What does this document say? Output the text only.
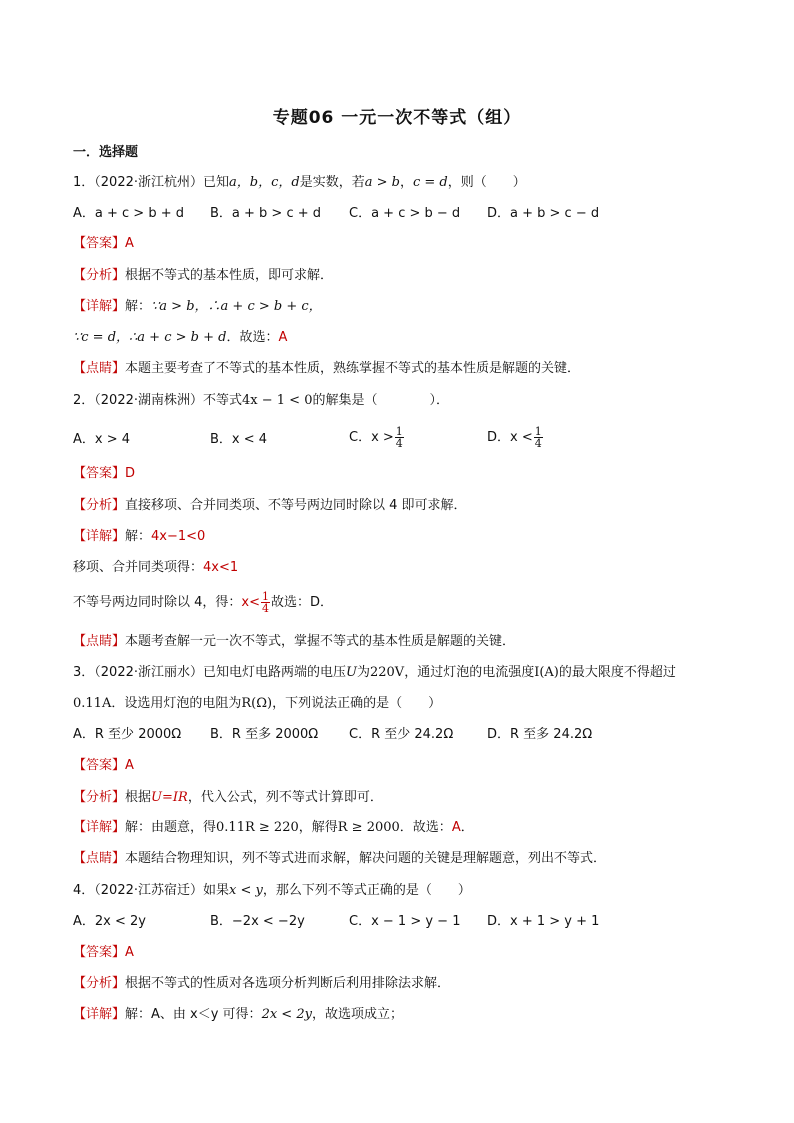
专题06 一元一次不等式（组）
一．选择题
1．（2022·浙江杭州）已知a，b，c，d是实数，若a > b，c = d，则（　　）
A．a + c > b + d B．a + b > c + d C．a + c > b − d D．a + b > c − d
【答案】A
【分析】根据不等式的基本性质，即可求解．
【详解】解：∵a > b，∴a + c > b + c，
∵c = d，∴a + c > b + d．故选：A
【点睛】本题主要考查了不等式的基本性质，熟练掌握不等式的基本性质是解题的关键．
2．（2022·湖南株洲）不等式4x − 1 < 0的解集是（　　　　）．
A．x > 4	B．x < 4	C．$x > \frac{1}{4}$	D．$x < \frac{1}{4}$
【答案】D
【分析】直接移项、合并同类项、不等号两边同时除以 4 即可求解．
【详解】解：4x−1<0
移项、合并同类项得：4x<1
不等号两边同时除以 4，得：$x< \frac{1}{4}$ 故选：D．
【点睛】本题考查解一元一次不等式，掌握不等式的基本性质是解题的关键．
3．（2022·浙江丽水）已知电灯电路两端的电压U为220V，通过灯泡的电流强度I(A)的最大限度不得超过
0.11A．设选用灯泡的电阻为R(Ω)，下列说法正确的是（　　）
A．R 至少 2000Ω B．R 至多 2000Ω C．R 至少 24.2Ω	D．R 至多 24.2Ω
【答案】A
【分析】根据U=IR，代入公式，列不等式计算即可．
【详解】解：由题意，得0.11R ≥ 220，解得R ≥ 2000．故选：A．
【点睛】本题结合物理知识，列不等式进而求解，解决问题的关键是理解题意，列出不等式．
4．（2022·江苏宿迁）如果x < y，那么下列不等式正确的是（　　）
A．2x < 2y	B．−2x < −2y	C．x − 1 > y − 1 D．x + 1 > y + 1
【答案】A
【分析】根据不等式的性质对各选项分析判断后利用排除法求解．
【详解】解：A、由 x＜y 可得：2x < 2y，故选项成立；
